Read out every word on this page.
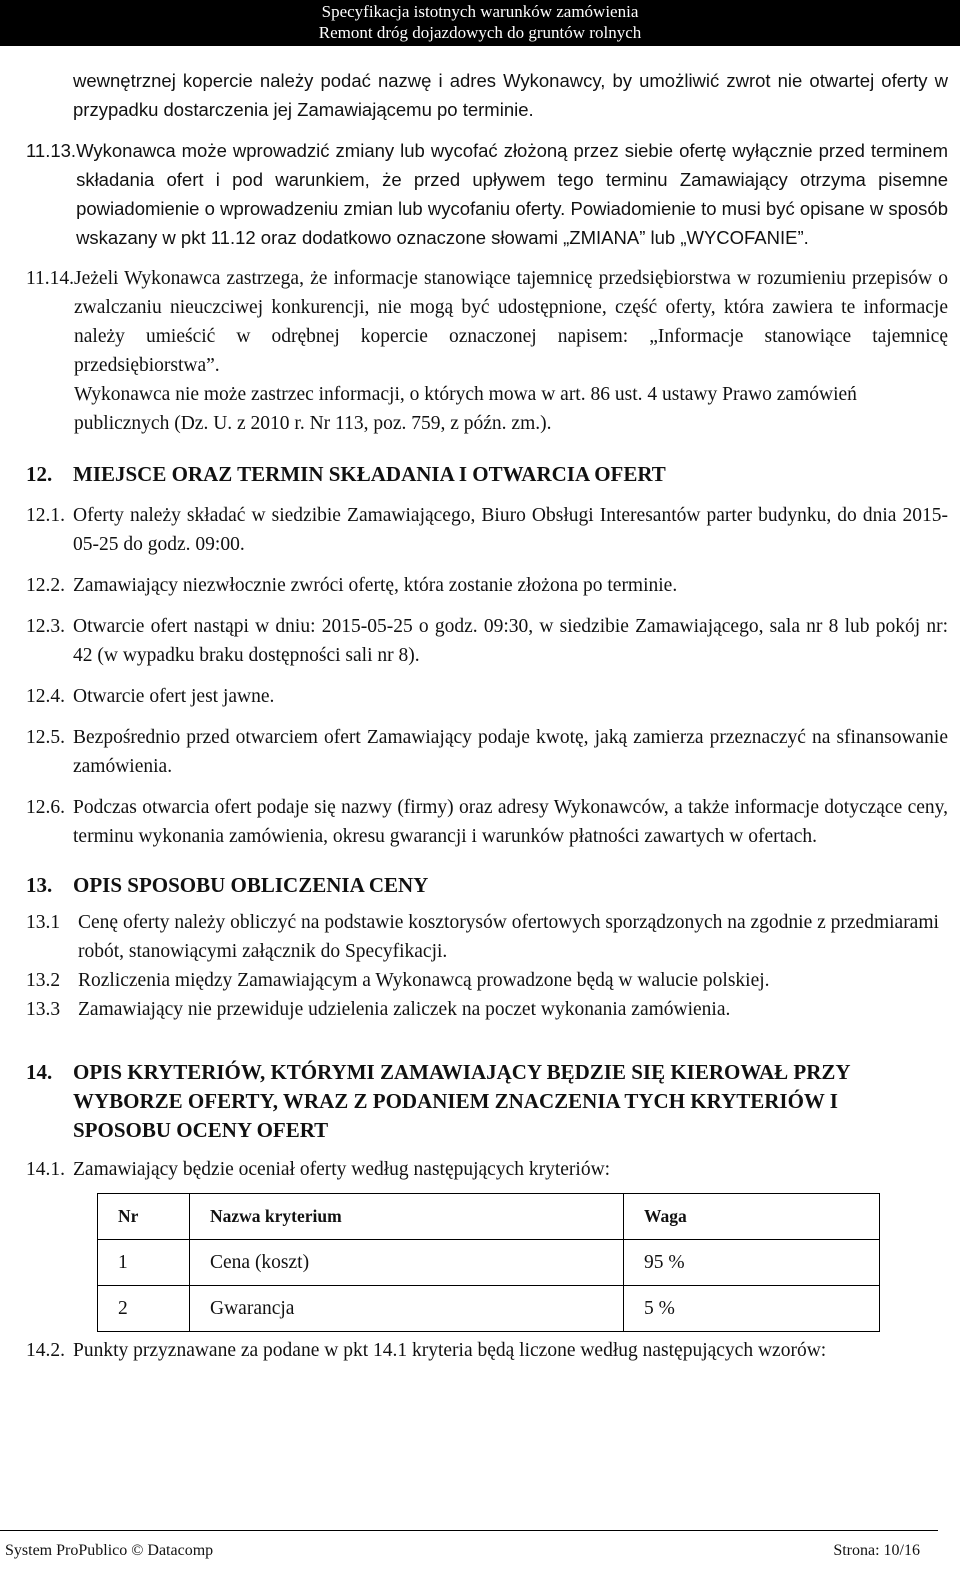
Specyfikacja istotnych warunków zamówienia
Remont dróg dojazdowych do gruntów rolnych
wewnętrznej kopercie należy podać nazwę i adres Wykonawcy, by umożliwić zwrot nie otwartej oferty w przypadku dostarczenia jej Zamawiającemu po terminie.
11.13. Wykonawca może wprowadzić zmiany lub wycofać złożoną przez siebie ofertę wyłącznie przed terminem składania ofert i pod warunkiem, że przed upływem tego terminu Zamawiający otrzyma pisemne powiadomienie o wprowadzeniu zmian lub wycofaniu oferty. Powiadomienie to musi być opisane w sposób wskazany w pkt 11.12 oraz dodatkowo oznaczone słowami „ZMIANA” lub „WYCOFANIE”.
11.14. Jeżeli Wykonawca zastrzega, że informacje stanowiące tajemnicę przedsiębiorstwa w rozumieniu przepisów o zwalczaniu nieuczciwej konkurencji, nie mogą być udostępnione, część oferty, która zawiera te informacje należy umieścić w odrębnej kopercie oznaczonej napisem: „Informacje stanowiące tajemnicę przedsiębiorstwa”.
Wykonawca nie może zastrzec informacji, o których mowa w art. 86 ust. 4 ustawy Prawo zamówień publicznych (Dz. U. z 2010 r. Nr 113, poz. 759, z późn. zm.).
12. MIEJSCE ORAZ TERMIN SKŁADANIA I OTWARCIA OFERT
12.1. Oferty należy składać w siedzibie Zamawiającego, Biuro Obsługi Interesantów parter budynku, do dnia 2015-05-25 do godz. 09:00.
12.2. Zamawiający niezwłocznie zwróci ofertę, która zostanie złożona po terminie.
12.3. Otwarcie ofert nastąpi w dniu: 2015-05-25 o godz. 09:30, w siedzibie Zamawiającego, sala nr 8 lub pokój nr: 42 (w wypadku braku dostępności sali nr 8).
12.4. Otwarcie ofert jest jawne.
12.5. Bezpośrednio przed otwarciem ofert Zamawiający podaje kwotę, jaką zamierza przeznaczyć na sfinansowanie zamówienia.
12.6. Podczas otwarcia ofert podaje się nazwy (firmy) oraz adresy Wykonawców, a także informacje dotyczące ceny, terminu wykonania zamówienia, okresu gwarancji i warunków płatności zawartych w ofertach.
13. OPIS SPOSOBU OBLICZENIA CENY
13.1 Cenę oferty należy obliczyć na podstawie kosztorysów ofertowych sporządzonych na zgodnie z przedmiarami robót, stanowiącymi załącznik do Specyfikacji.
13.2 Rozliczenia między Zamawiającym a Wykonawcą prowadzone będą w walucie polskiej.
13.3 Zamawiający nie przewiduje udzielenia zaliczek na poczet wykonania zamówienia.
14. OPIS KRYTERIÓW, KTÓRYMI ZAMAWIAJĄCY BĘDZIE SIĘ KIEROWAŁ PRZY WYBORZE OFERTY, WRAZ Z PODANIEM ZNACZENIA TYCH KRYTERIÓW I SPOSOBU OCENY OFERT
14.1. Zamawiający będzie oceniał oferty według następujących kryteriów:
Nr	Nazwa kryterium	Waga
1	Cena (koszt)	95 %
2	Gwarancja	5 %
14.2. Punkty przyznawane za podane w pkt 14.1 kryteria będą liczone według następujących wzorów:
System ProPublico © Datacomp	Strona: 10/16
